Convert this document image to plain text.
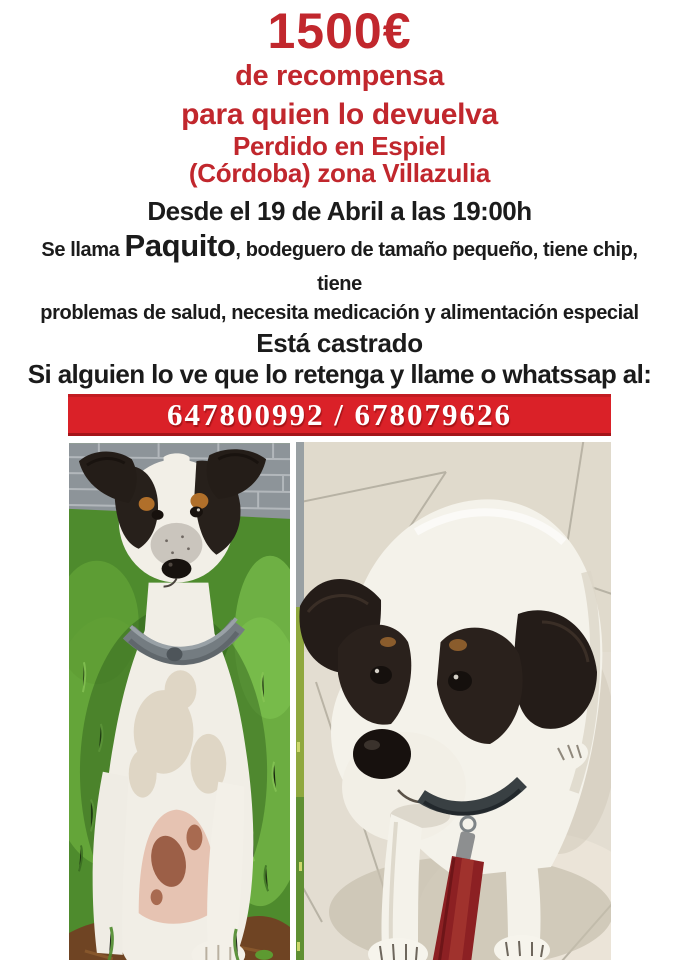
1500€
de recompensa
para quien lo devuelva
Perdido en Espiel
(Córdoba) zona Villazulia
Desde el 19 de Abril a las 19:00h
Se llama Paquito, bodeguero de tamaño pequeño, tiene chip, tiene
problemas de salud, necesita medicación y alimentación especial
Está castrado
Si alguien lo ve que lo retenga y llame o whatssap al:
647800992 / 678079626
